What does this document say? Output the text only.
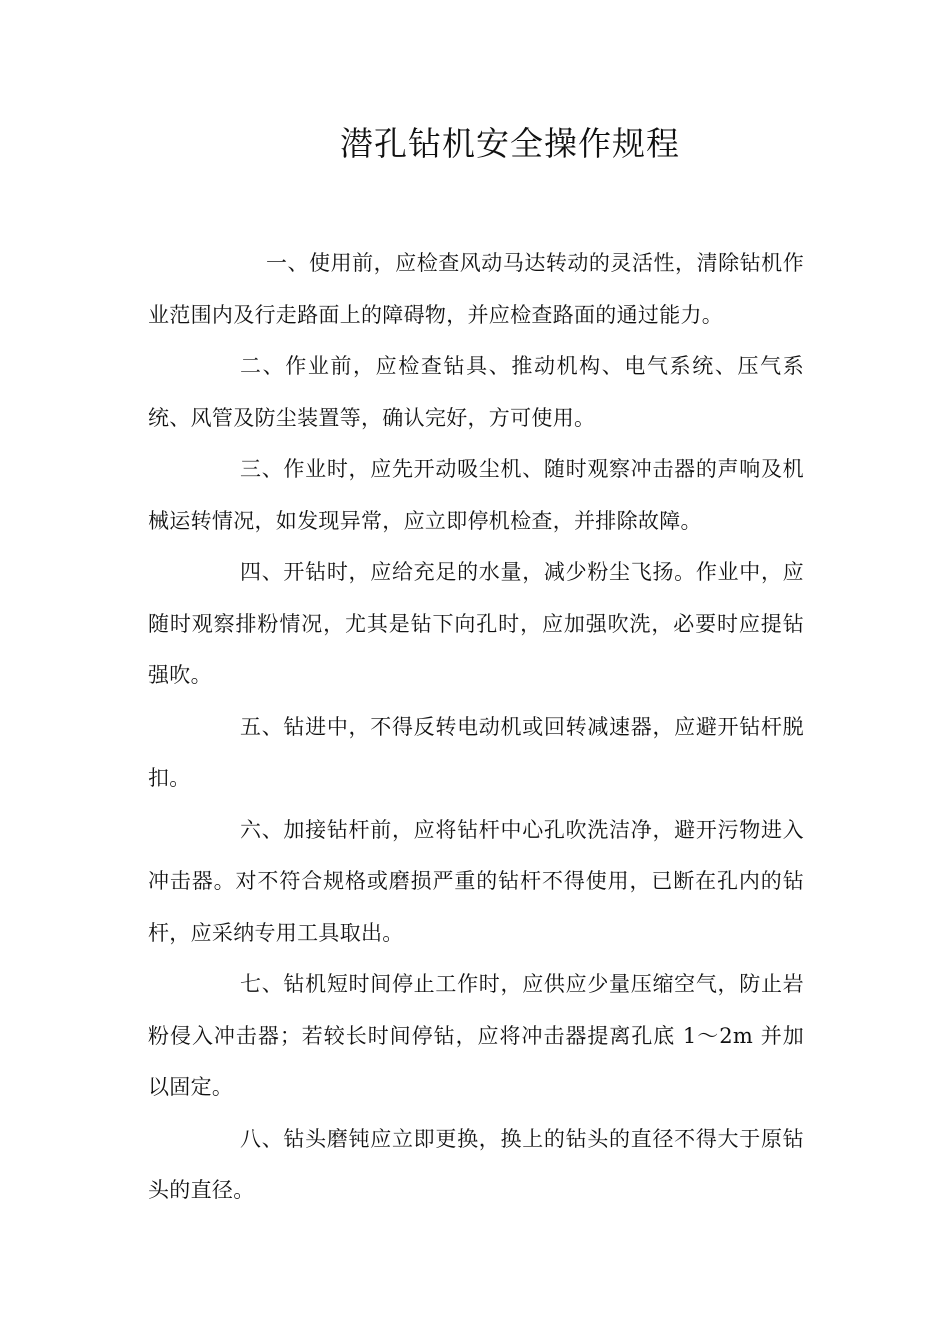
潜孔钻机安全操作规程

一、使用前，应检查风动马达转动的灵活性，清除钻机作业范围内及行走路面上的障碍物，并应检查路面的通过能力。

二、作业前，应检查钻具、推动机构、电气系统、压气系统、风管及防尘装置等，确认完好，方可使用。

三、作业时，应先开动吸尘机、随时观察冲击器的声响及机械运转情况，如发现异常，应立即停机检查，并排除故障。

四、开钻时，应给充足的水量，减少粉尘飞扬。作业中，应随时观察排粉情况，尤其是钻下向孔时，应加强吹洗，必要时应提钻强吹。

五、钻进中，不得反转电动机或回转减速器，应避开钻杆脱扣。

六、加接钻杆前，应将钻杆中心孔吹洗洁净，避开污物进入冲击器。对不符合规格或磨损严重的钻杆不得使用，已断在孔内的钻杆，应采纳专用工具取出。

七、钻机短时间停止工作时，应供应少量压缩空气，防止岩粉侵入冲击器；若较长时间停钻，应将冲击器提离孔底 1～2m 并加以固定。

八、钻头磨钝应立即更换，换上的钻头的直径不得大于原钻头的直径。
